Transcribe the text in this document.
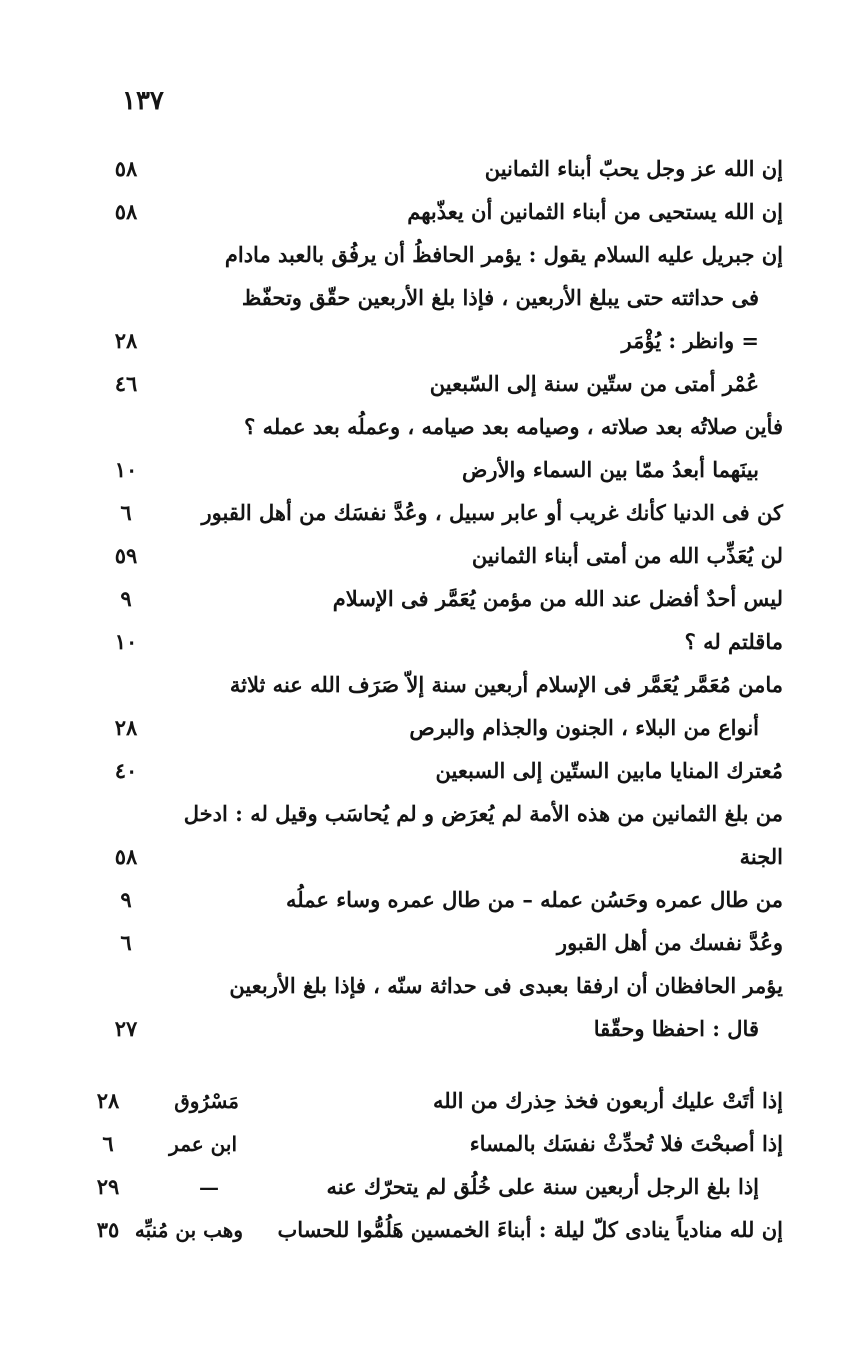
١٣٧
إن الله عز وجل يحبّ أبناء الثمانين
٥٨
إن الله يستحيى من أبناء الثمانين أن يعذّبهم
٥٨
إن جبريل عليه السلام يقول : يؤمر الحافظُ أن يرفُق بالعبد مادام
فى حداثته حتى يبلغ الأربعين ، فإذا بلغ الأربعين حقّق وتحفّظ
= وانظر : يُؤْمَر
٢٨
عُمْر أمتى من ستّين سنة إلى السّبعين
٤٦
فأين صلاتُه بعد صلاته ، وصيامه بعد صيامه ، وعملُه بعد عمله ؟
بينَهما أبعدُ ممّا بين السماء والأرض
١٠
كن فى الدنيا كأنك غريب أو عابر سبيل ، وعُدَّ نفسَك من أهل القبور
٦
لن يُعَذِّب الله من أمتى أبناء الثمانين
٥٩
ليس أحدٌ أفضل عند الله من مؤمن يُعَمَّر فى الإسلام
٩
ماقلتم له ؟
١٠
مامن مُعَمَّر يُعَمَّر فى الإسلام أربعين سنة إلاّ صَرَف الله عنه ثلاثة
أنواع من البلاء ، الجنون والجذام والبرص
٢٨
مُعترك المنايا مابين الستّين إلى السبعين
٤٠
من بلغ الثمانين من هذه الأمة لم يُعرَض و لم يُحاسَب وقيل له : ادخل
الجنة
٥٨
من طال عمره وحَسُن عمله – من طال عمره وساء عملُه
٩
وعُدَّ نفسك من أهل القبور
٦
يؤمر الحافظان أن ارفقا بعبدى فى حداثة سنّه ، فإذا بلغ الأربعين
قال : احفظا وحقّقا
٢٧
إذا أتَتْ عليك أربعون فخذ حِذرك من الله
مَسْرُوق
٢٨
إذا أصبحْتَ فلا تُحدِّثْ نفسَك بالمساء
ابن عمر
٦
إذا بلغ الرجل أربعين سنة على خُلُق لم يتحرّك عنه
—
٢٩
إن لله منادياً ينادى كلّ ليلة : أبناءَ الخمسين هَلُمُّوا للحساب
وهب بن مُنبِّه
٣٥
